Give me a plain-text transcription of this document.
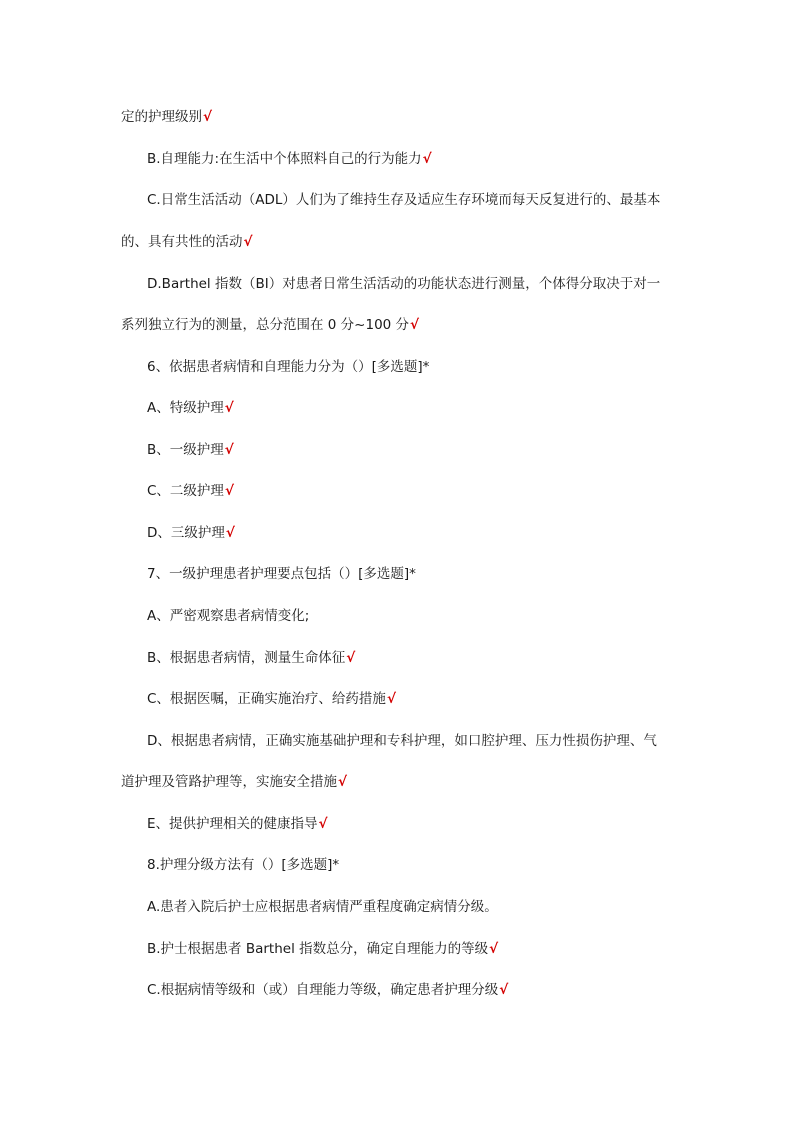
定的护理级别√
B.自理能力:在生活中个体照料自己的行为能力√
C.日常生活活动（ADL）人们为了维持生存及适应生存环境而每天反复进行的、最基本
的、具有共性的活动√
D.Barthel 指数（BI）对患者日常生活活动的功能状态进行测量，个体得分取决于对一
系列独立行为的测量，总分范围在 0 分~100 分√
6、依据患者病情和自理能力分为（）[多选题]*
A、特级护理√
B、一级护理√
C、二级护理√
D、三级护理√
7、一级护理患者护理要点包括（）[多选题]*
A、严密观察患者病情变化;
B、根据患者病情，测量生命体征√
C、根据医嘱，正确实施治疗、给药措施√
D、根据患者病情，正确实施基础护理和专科护理，如口腔护理、压力性损伤护理、气
道护理及管路护理等，实施安全措施√
E、提供护理相关的健康指导√
8.护理分级方法有（）[多选题]*
A.患者入院后护士应根据患者病情严重程度确定病情分级。
B.护士根据患者 Barthel 指数总分，确定自理能力的等级√
C.根据病情等级和（或）自理能力等级，确定患者护理分级√
